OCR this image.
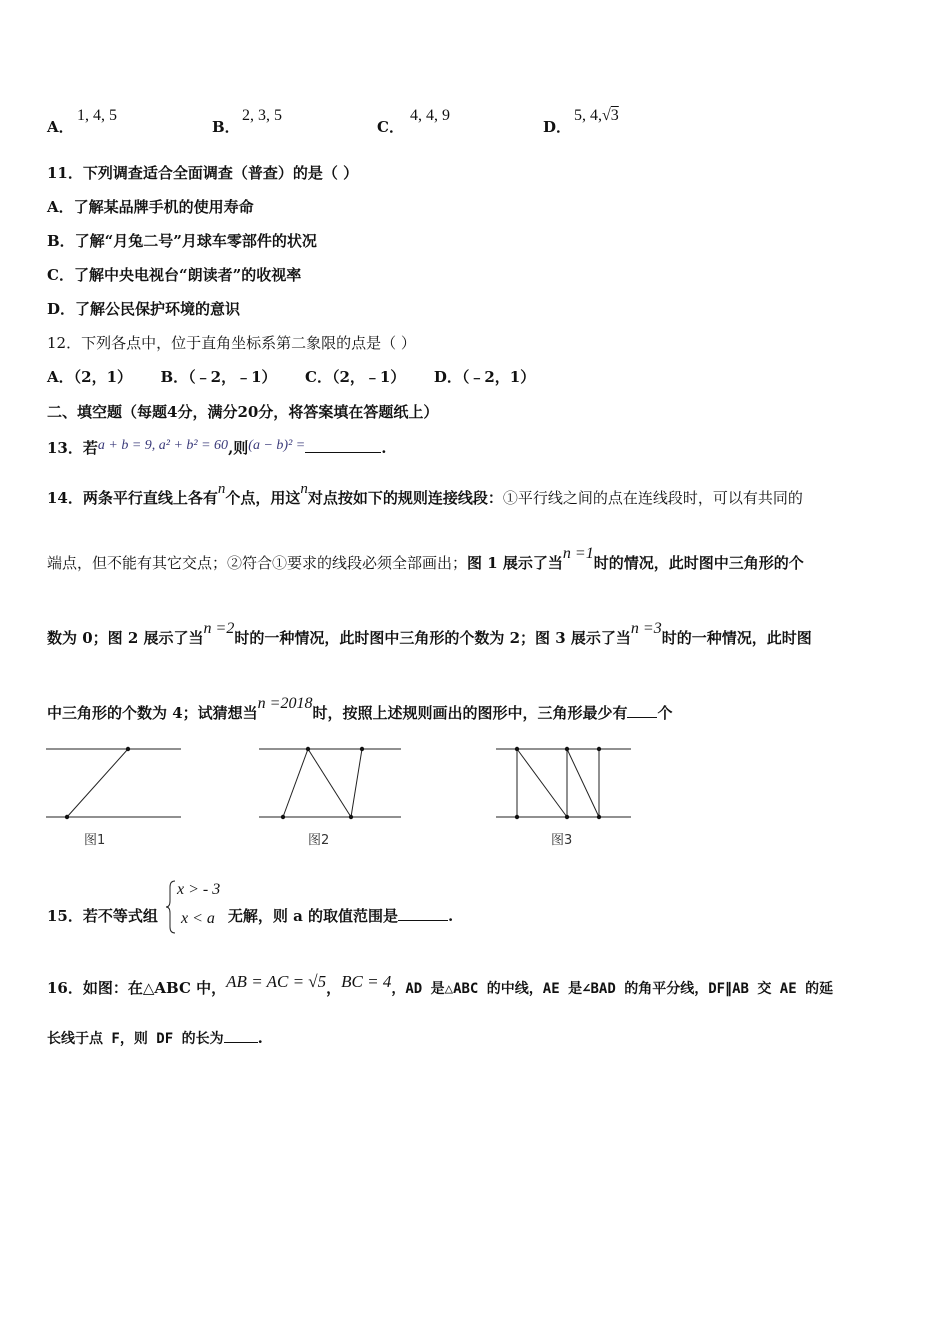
A．
1, 4, 5
B．
2, 3, 5
C．
4, 4, 9
D．
5, 4,√3
11．下列调查适合全面调查（普查）的是（ ）
A．了解某品牌手机的使用寿命
B．了解“月兔二号”月球车零部件的状况
C．了解中央电视台“朗读者”的收视率
D．了解公民保护环境的意识
12．下列各点中，位于直角坐标系第二象限的点是（ ）
A．（2，1） B．（﹣2，﹣1） C．（2，﹣1） D．（﹣2，1）
二、填空题（每题4分，满分20分，将答案填在答题纸上）
13．若a + b = 9, a² + b² = 60,则(a − b)² =	.
14．两条平行直线上各有n个点，用这n对点按如下的规则连接线段：①平行线之间的点在连线段时，可以有共同的
端点，但不能有其它交点；②符合①要求的线段必须全部画出；图 1 展示了当n =1时的情况，此时图中三角形的个
数为 0；图 2 展示了当n =2时的一种情况，此时图中三角形的个数为 2；图 3 展示了当n =3时的一种情况，此时图
中三角形的个数为 4；试猜想当n =2018时，按照上述规则画出的图形中，三角形最少有 个
图1	图2	图3
15．若不等式组	无解，则 a 的取值范围是	.
x > - 3
x < a
16．如图：在△ABC 中，AB = AC = √5，BC = 4，AD 是△ABC 的中线，AE 是∠BAD 的角平分线，DF∥AB 交 AE 的延
长线于点 F，则 DF 的长为 .
